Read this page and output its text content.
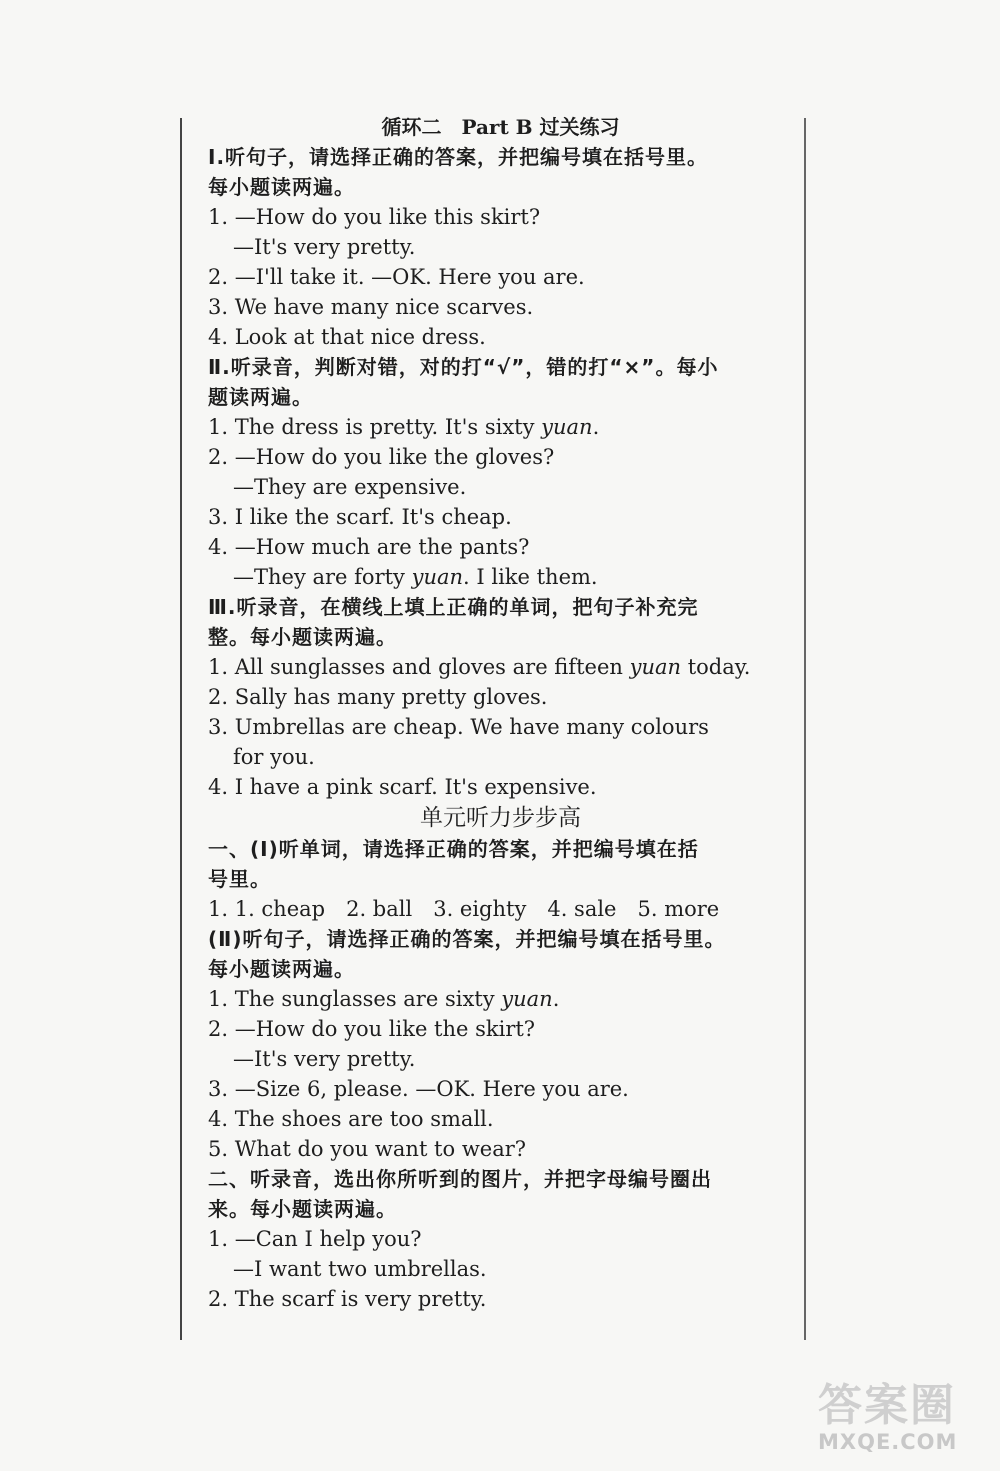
循环二　Part B 过关练习
Ⅰ.听句子，请选择正确的答案，并把编号填在括号里。
每小题读两遍。
1. —How do you like this skirt?
—It's very pretty.
2. —I'll take it. —OK. Here you are.
3. We have many nice scarves.
4. Look at that nice dress.
Ⅱ.听录音，判断对错，对的打“√”，错的打“×”。每小
题读两遍。
1. The dress is pretty. It's sixty yuan.
2. —How do you like the gloves?
—They are expensive.
3. I like the scarf. It's cheap.
4. —How much are the pants?
—They are forty yuan. I like them.
Ⅲ.听录音，在横线上填上正确的单词，把句子补充完
整。每小题读两遍。
1. All sunglasses and gloves are fifteen yuan today.
2. Sally has many pretty gloves.
3. Umbrellas are cheap. We have many colours
for you.
4. I have a pink scarf. It's expensive.
单元听力步步高
一、(Ⅰ)听单词，请选择正确的答案，并把编号填在括
号里。
1. 1. cheap　2. ball　3. eighty　4. sale　5. more
(Ⅱ)听句子，请选择正确的答案，并把编号填在括号里。
每小题读两遍。
1. The sunglasses are sixty yuan.
2. —How do you like the skirt?
—It's very pretty.
3. —Size 6, please. —OK. Here you are.
4. The shoes are too small.
5. What do you want to wear?
二、听录音，选出你所听到的图片，并把字母编号圈出
来。每小题读两遍。
1. —Can I help you?
—I want two umbrellas.
2. The scarf is very pretty.
答案圈
MXQE.COM
